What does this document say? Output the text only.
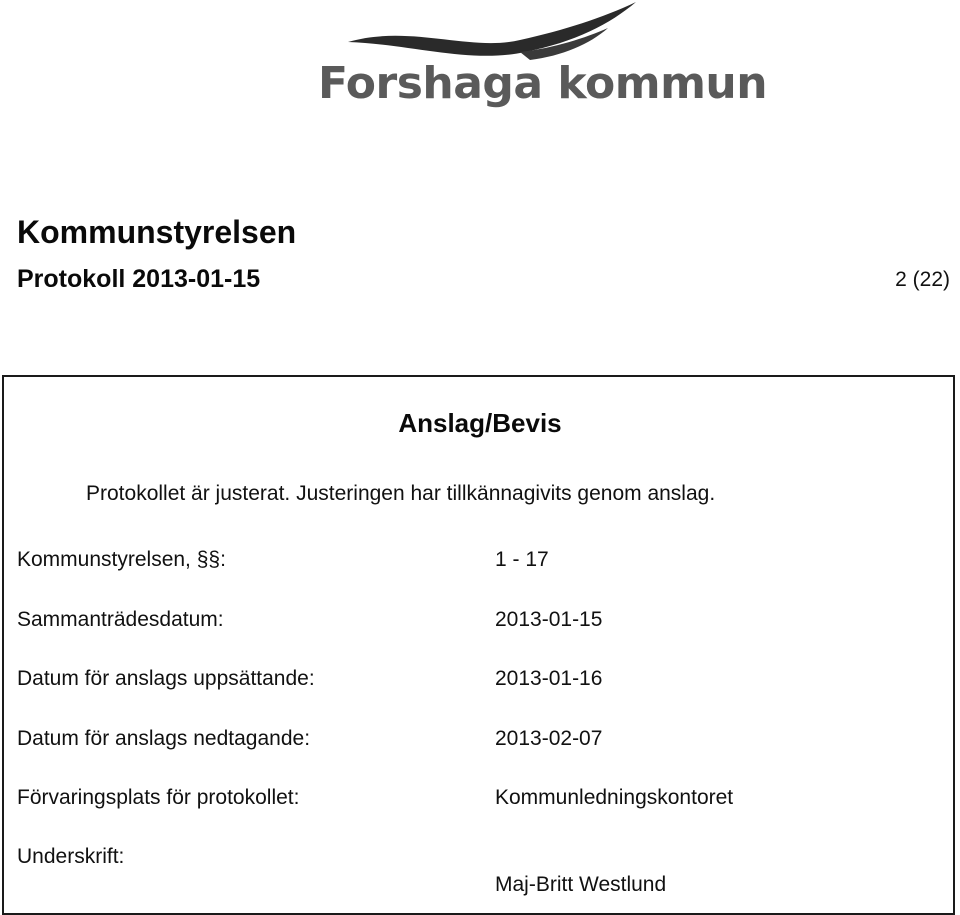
Forshaga kommun
Kommunstyrelsen
Protokoll 2013-01-15	2 (22)
Anslag/Bevis
Protokollet är justerat. Justeringen har tillkännagivits genom anslag.
Kommunstyrelsen, §§:	1 - 17
Sammanträdesdatum:	2013-01-15
Datum för anslags uppsättande:	2013-01-16
Datum för anslags nedtagande:	2013-02-07
Förvaringsplats för protokollet:	Kommunledningskontoret
Underskrift:
Maj-Britt Westlund
